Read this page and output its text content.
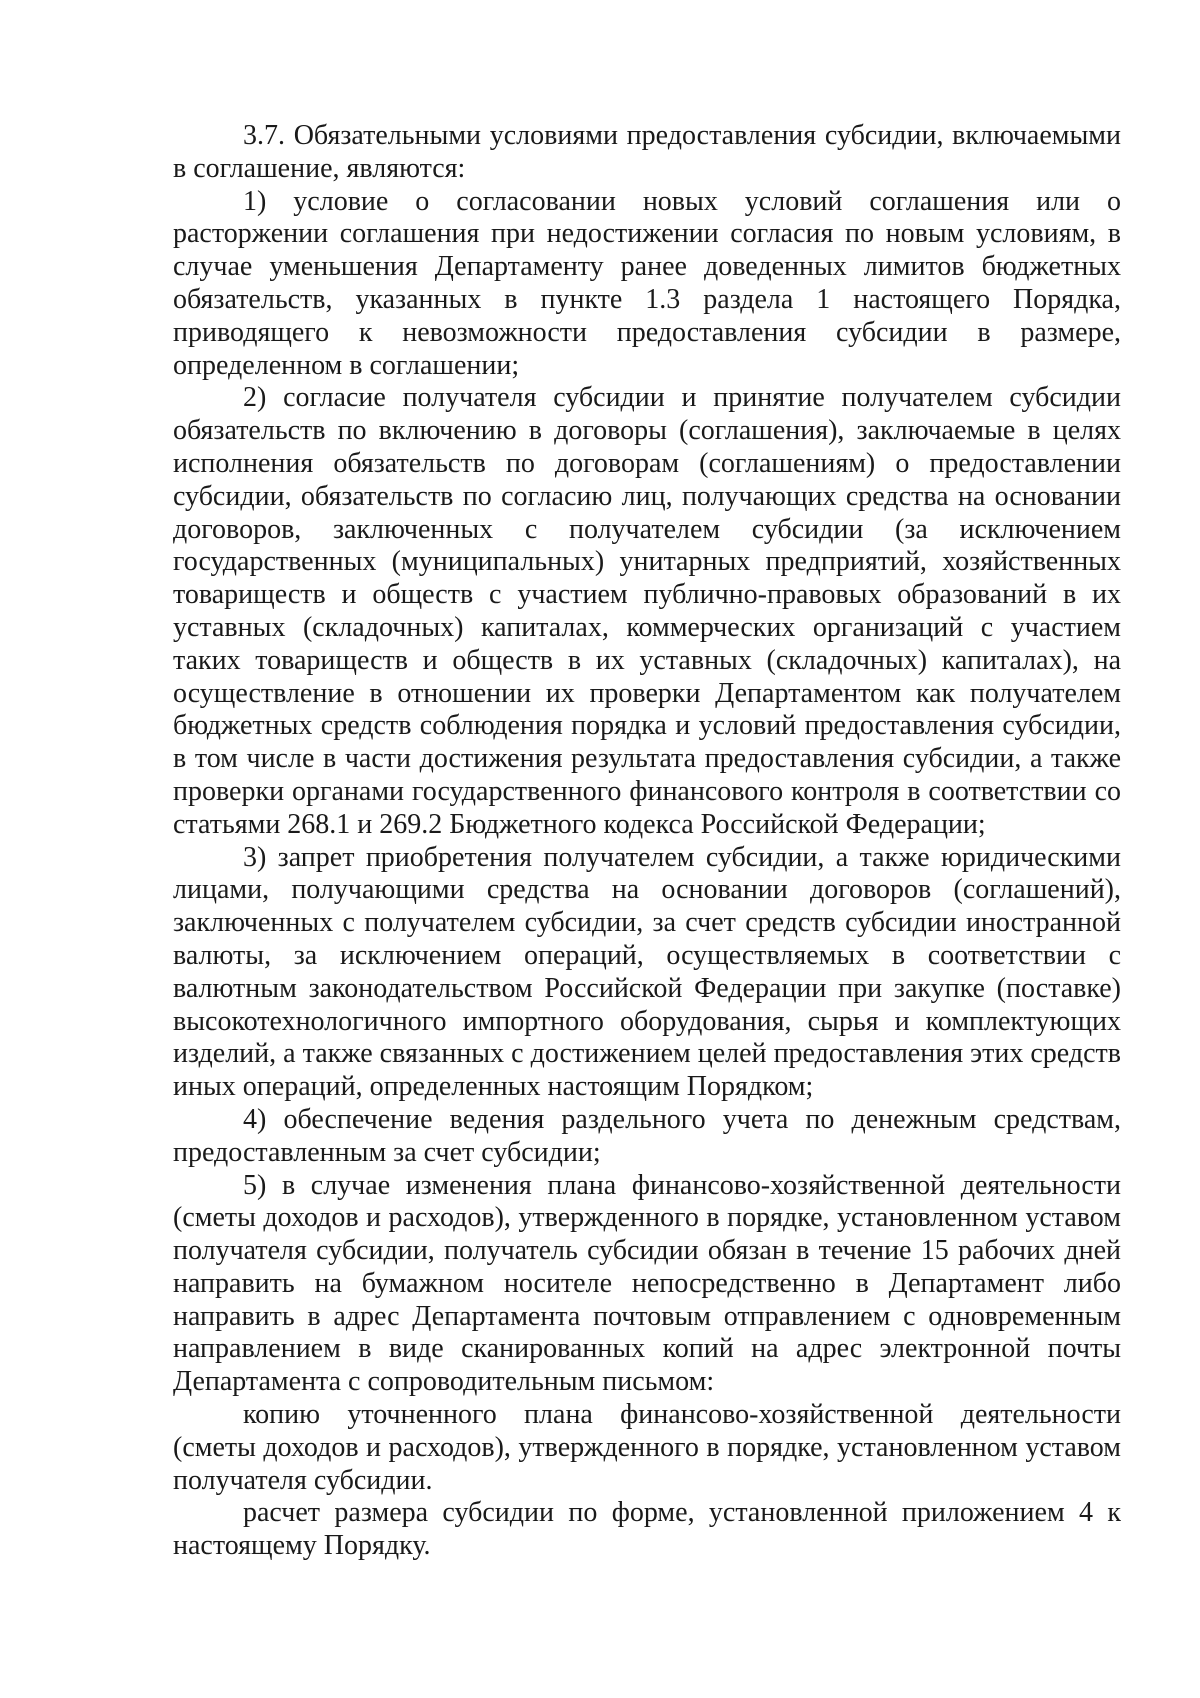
3.7. Обязательными условиями предоставления субсидии, включаемыми в соглашение, являются:

1) условие о согласовании новых условий соглашения или о расторжении соглашения при недостижении согласия по новым условиям, в случае уменьшения Департаменту ранее доведенных лимитов бюджетных обязательств, указанных в пункте 1.3 раздела 1 настоящего Порядка, приводящего к невозможности предоставления субсидии в размере, определенном в соглашении;

2) согласие получателя субсидии и принятие получателем субсидии обязательств по включению в договоры (соглашения), заключаемые в целях исполнения обязательств по договорам (соглашениям) о предоставлении субсидии, обязательств по согласию лиц, получающих средства на основании договоров, заключенных с получателем субсидии (за исключением государственных (муниципальных) унитарных предприятий, хозяйственных товариществ и обществ с участием публично-правовых образований в их уставных (складочных) капиталах, коммерческих организаций с участием таких товариществ и обществ в их уставных (складочных) капиталах), на осуществление в отношении их проверки Департаментом как получателем бюджетных средств соблюдения порядка и условий предоставления субсидии, в том числе в части достижения результата предоставления субсидии, а также проверки органами государственного финансового контроля в соответствии со статьями 268.1 и 269.2 Бюджетного кодекса Российской Федерации;

3) запрет приобретения получателем субсидии, а также юридическими лицами, получающими средства на основании договоров (соглашений), заключенных с получателем субсидии, за счет средств субсидии иностранной валюты, за исключением операций, осуществляемых в соответствии с валютным законодательством Российской Федерации при закупке (поставке) высокотехнологичного импортного оборудования, сырья и комплектующих изделий, а также связанных с достижением целей предоставления этих средств иных операций, определенных настоящим Порядком;

4) обеспечение ведения раздельного учета по денежным средствам, предоставленным за счет субсидии;

5) в случае изменения плана финансово-хозяйственной деятельности (сметы доходов и расходов), утвержденного в порядке, установленном уставом получателя субсидии, получатель субсидии обязан в течение 15 рабочих дней направить на бумажном носителе непосредственно в Департамент либо направить в адрес Департамента почтовым отправлением с одновременным направлением в виде сканированных копий на адрес электронной почты Департамента с сопроводительным письмом:

копию уточненного плана финансово-хозяйственной деятельности (сметы доходов и расходов), утвержденного в порядке, установленном уставом получателя субсидии.

расчет размера субсидии по форме, установленной приложением 4 к настоящему Порядку.
